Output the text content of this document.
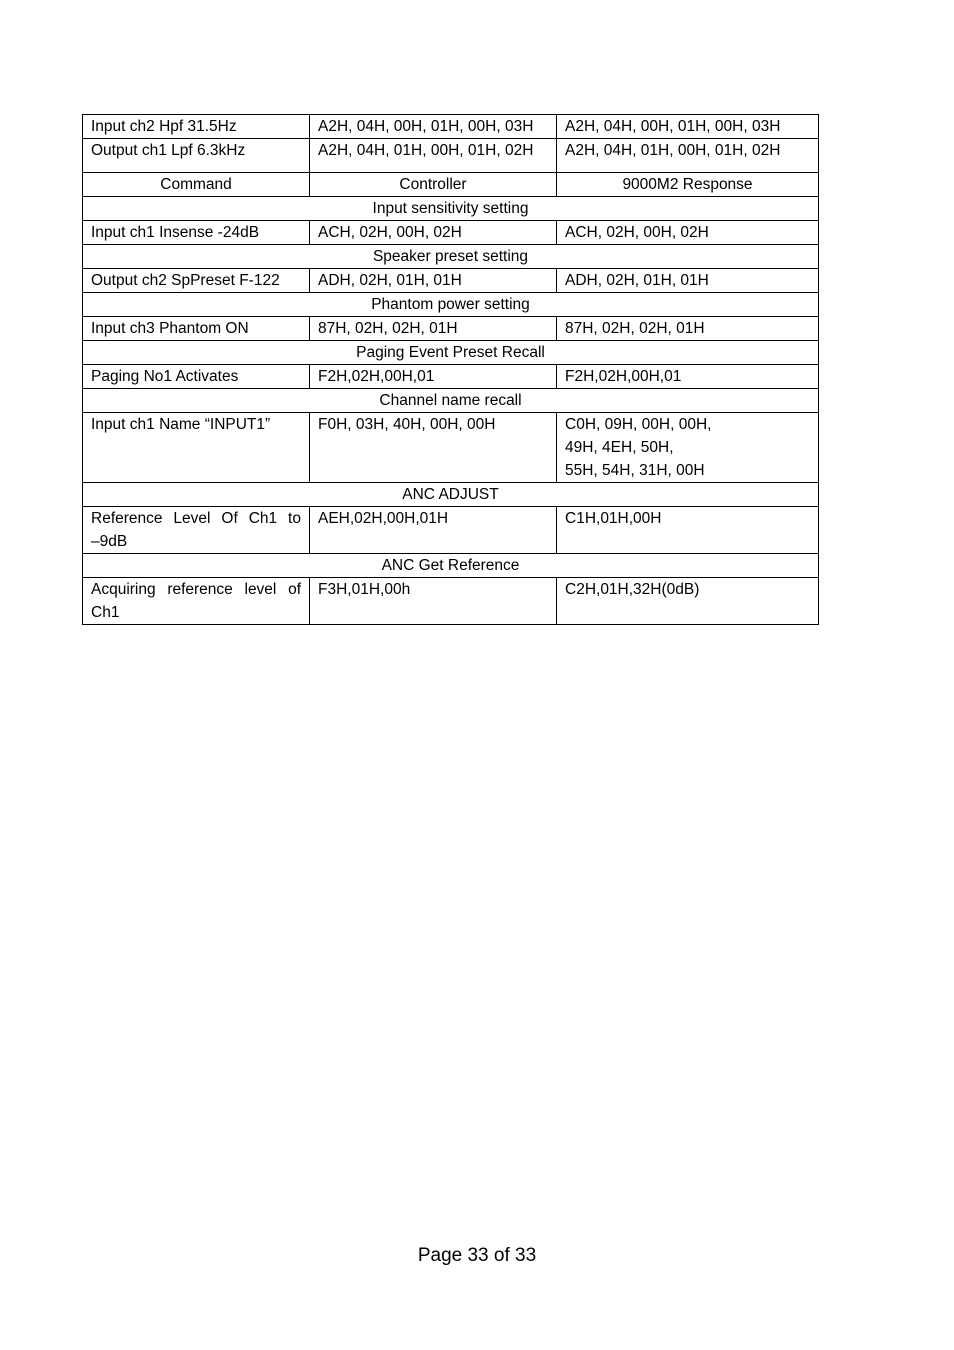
Input ch2 Hpf 31.5Hz	A2H, 04H, 00H, 01H, 00H, 03H	A2H, 04H, 00H, 01H, 00H, 03H
Output ch1 Lpf 6.3kHz	A2H, 04H, 01H, 00H, 01H, 02H	A2H, 04H, 01H, 00H, 01H, 02H
Command	Controller	9000M2 Response
Input sensitivity setting		
Input ch1 Insense -24dB	ACH, 02H, 00H, 02H	ACH, 02H, 00H, 02H
Speaker preset setting		
Output ch2 SpPreset F-122	ADH, 02H, 01H, 01H	ADH, 02H, 01H, 01H
Phantom power setting		
Input ch3 Phantom ON	87H, 02H, 02H, 01H	87H, 02H, 02H, 01H
Paging Event Preset Recall		
Paging No1 Activates	F2H,02H,00H,01	F2H,02H,00H,01
Channel name recall		
Input ch1 Name “INPUT1”	F0H, 03H, 40H, 00H, 00H	C0H, 09H, 00H, 00H,
49H, 4EH, 50H,
55H, 54H, 31H, 00H

ANC ADJUST		

Reference Level Of Ch1 to
–9dB	AEH,02H,00H,01H	C1H,01H,00H
ANC Get Reference		

Acquiring reference level of
Ch1	F3H,01H,00h	C2H,01H,32H(0dB)
Page 33 of 33
